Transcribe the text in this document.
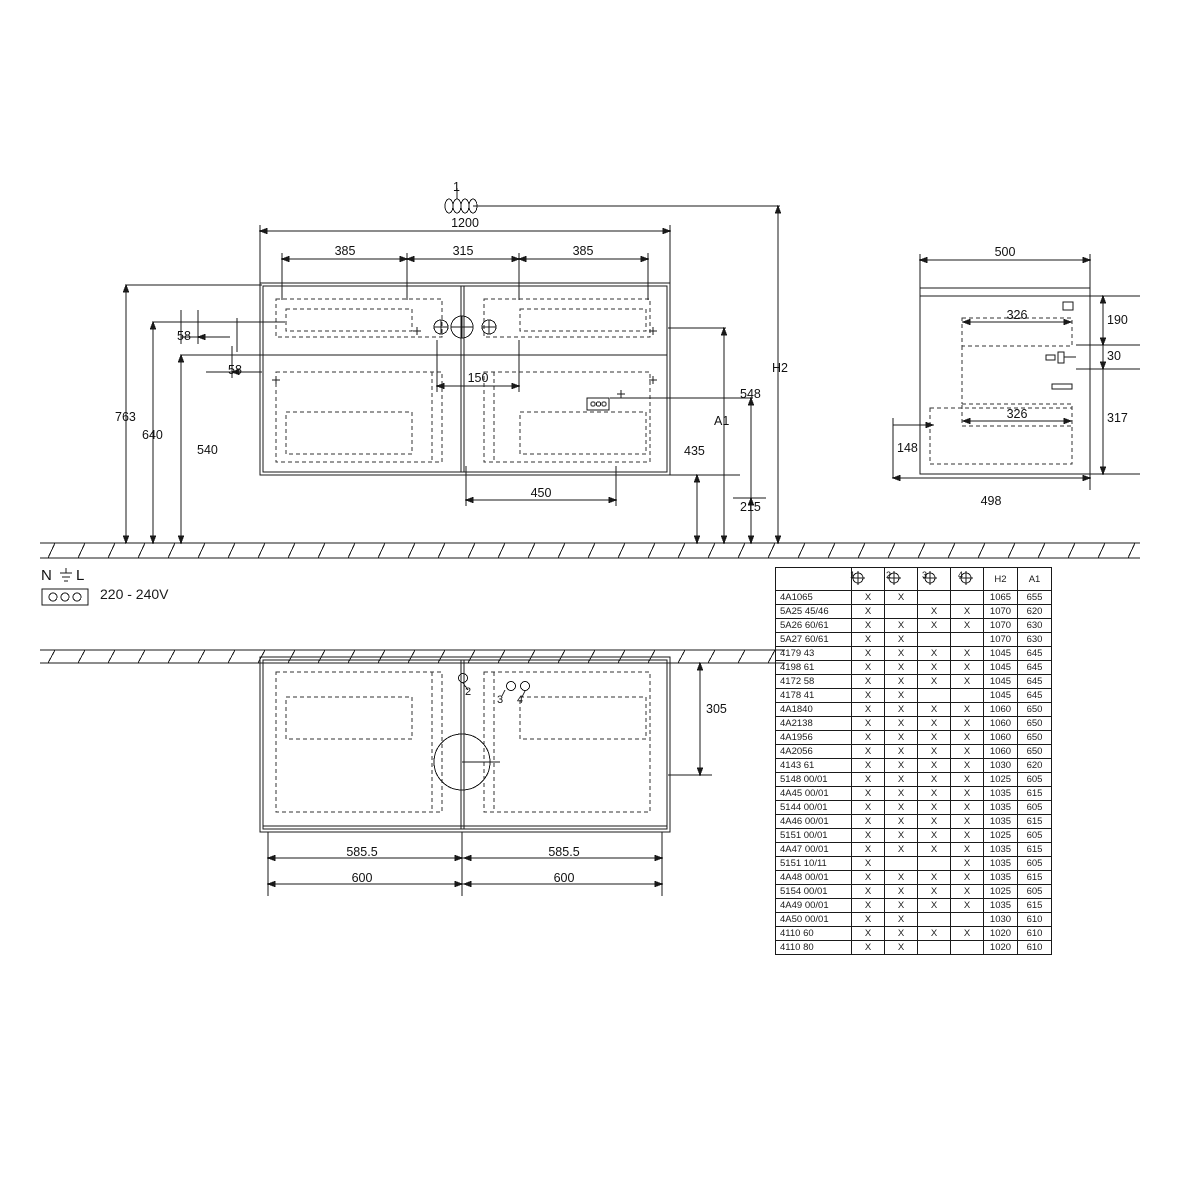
1200
385	315	385
150
450
58
58
763
640
540
H2
548
A1
435
215
1
500
326
326
190
30
317
148
498
305
585.5	585.5
600	600
2
3 4
N L
220 - 240V
					H2	A1
4A1065	X	X			1065	655
5A25 45/46	X		X	X	1070	620
5A26 60/61	X	X	X	X	1070	630
5A27 60/61	X	X			1070	630
4179 43	X	X	X	X	1045	645
4198 61	X	X	X	X	1045	645
4172 58	X	X	X	X	1045	645
4178 41	X	X			1045	645
4A1840	X	X	X	X	1060	650
4A2138	X	X	X	X	1060	650
4A1956	X	X	X	X	1060	650
4A2056	X	X	X	X	1060	650
4143 61	X	X	X	X	1030	620
5148 00/01	X	X	X	X	1025	605
4A45 00/01	X	X	X	X	1035	615
5144 00/01	X	X	X	X	1035	605
4A46 00/01	X	X	X	X	1035	615
5151 00/01	X	X	X	X	1025	605
4A47 00/01	X	X	X	X	1035	615
5151 10/11	X			X	1035	605
4A48 00/01	X	X	X	X	1035	615
5154 00/01	X	X	X	X	1025	605
4A49 00/01	X	X	X	X	1035	615
4A50 00/01	X	X			1030	610
4110 60	X	X	X	X	1020	610
4110 80	X	X			1020	610
1	2	3	4
